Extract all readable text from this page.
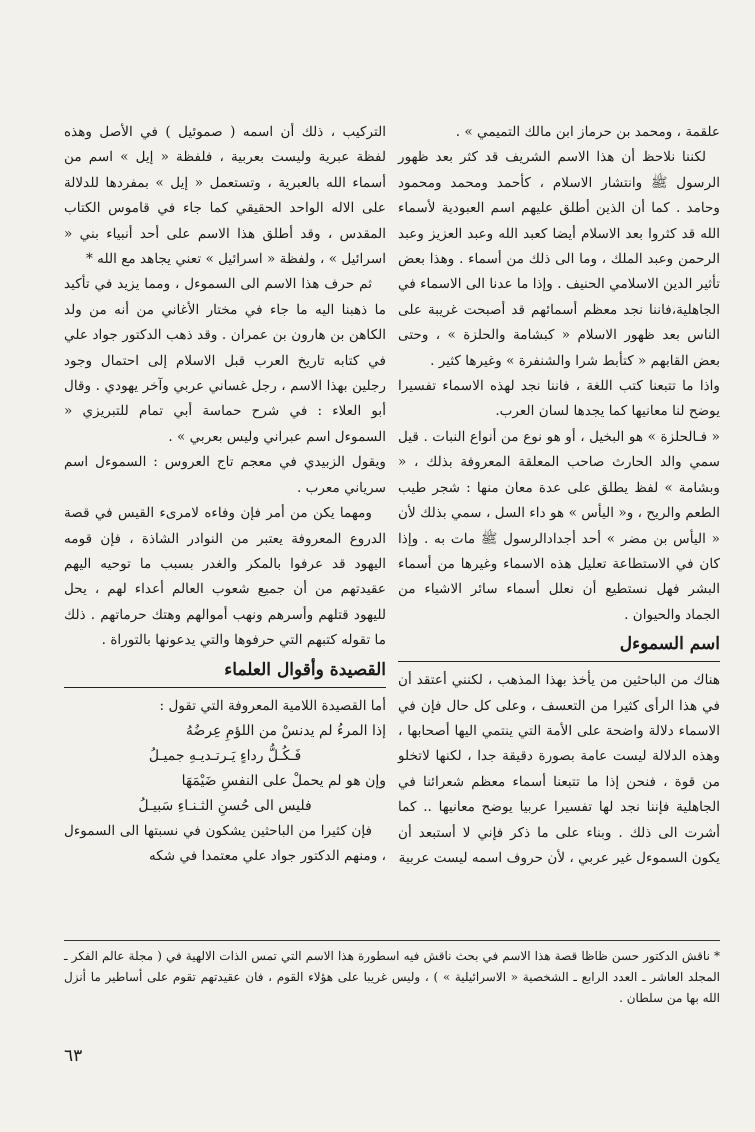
علقمة ، ومحمد بن حرماز ابن مالك التميمي » .

لكننا نلاحظ أن هذا الاسم الشريف قد كثر بعد ظهور الرسول ﷺ وانتشار الاسلام ، كأحمد ومحمد ومحمود وحامد . كما أن الذين أطلق عليهم اسم العبودية لأسماء الله قد كثروا بعد الاسلام أيضا كعبد الله وعبد العزيز وعبد الرحمن وعبد الملك ، وما الى ذلك من أسماء . وهذا بعض تأثير الدين الاسلامي الحنيف . وإذا ما عدنا الى الاسماء في الجاهلية،فاننا نجد معظم أسمائهم قد أصبحت غريبة على الناس بعد ظهور الاسلام « كبشامة والحلزة » ، وحتى بعض القابهم « كتأبط شرا والشنفرة » وغيرها كثير .

واذا ما تتبعنا كتب اللغة ، فاننا نجد لهذه الاسماء تفسيرا يوضح لنا معانيها كما يجدها لسان العرب.

« فـالحلزة » هو البخيل ، أو هو نوع من أنواع النبات . قيل سمي والد الحارث صاحب المعلقة المعروفة بذلك ، « وبشامة » لفظ يطلق على عدة معان منها : شجر طيب الطعم والريح ، و« اليأس » هو داء السل ، سمي بذلك لأن « اليأس بن مضر » أحد أجدادالرسول ﷺ مات به . وإذا كان في الاستطاعة تعليل هذه الاسماء وغيرها من أسماء البشر فهل نستطيع أن نعلل أسماء سائر الاشياء من الجماد والحيوان .

اسم السموءل

هناك من الباحثين من يأخذ بهذا المذهب ، لكنني أعتقد أن في هذا الرأى كثيرا من التعسف ، وعلى كل حال فإن في الاسماء دلالة واضحة على الأمة التي ينتمي اليها أصحابها ، وهذه الدلالة ليست عامة بصورة دقيقة جدا ، لكنها لاتخلو من قوة ، فنحن إذا ما تتبعنا أسماء معظم شعرائنا في الجاهلية فإننا نجد لها تفسيرا عربيا يوضح معانيها .. كما أشرت الى ذلك . وبناء على ما ذكر فإني لا أستبعد أن يكون السموءل غير عربي ، لأن حروف اسمه ليست عربية

التركيب ، ذلك أن اسمه ( صموئيل ) في الأصل وهذه لفظة عبرية وليست بعربية ، فلفظة « إيل » اسم من أسماء الله بالعبرية ، وتستعمل « إيل » بمفردها للدلالة على الاله الواحد الحقيقي كما جاء في قاموس الكتاب المقدس ، وقد أطلق هذا الاسم على أحد أنبياء بني « اسرائيل » ، ولفظة « اسرائيل » تعني يجاهد مع الله *

ثم حرف هذا الاسم الى السموءل ، ومما يزيد في تأكيد ما ذهبنا اليه ما جاء في مختار الأغاني من أنه من ولد الكاهن بن هارون بن عمران . وقد ذهب الدكتور جواد علي في كتابه تاريخ العرب قبل الاسلام إلى احتمال وجود رجلين بهذا الاسم ، رجل غساني عربي وآخر يهودي . وقال أبو العلاء : في شرح حماسة أبي تمام للتبريزي « السموءل اسم عبراني وليس بعربي » .

ويقول الزبيدي في معجم تاج العروس : السموءل اسم سرياني معرب .

ومهما يكن من أمر فإن وفاءه لامرىء القيس في قصة الدروع المعروفة يعتبر من النوادر الشاذة ، فإن قومه اليهود قد عرفوا بالمكر والغدر بسبب ما توحيه اليهم عقيدتهم من أن جميع شعوب العالم أعداء لهم ، يحل لليهود قتلهم وأسرهم ونهب أموالهم وهتك حرماتهم . ذلك ما تقوله كتبهم التي حرفوها والتي يدعونها بالتوراة .

القصيدة وأقوال العلماء

أما القصيدة اللامية المعروفة التي تقول :

إذا المرءُ لم يدنسْ من اللؤمِ عِرضُهُ
فَـكُـلُّ رداءٍ يَـرتـديـهِ جميـلُ
وإن هو لم يحملْ على النفسِ ضَيْمَهَا
فليس الى حُسنِ الثـنـاءِ سَبيـلُ

فإن كثيرا من الباحثين يشكون في نسبتها الى السموءل ، ومنهم الدكتور جواد علي معتمدا في شكه

* ناقش الدكتور حسن ظاظا قصة هذا الاسم في بحث ناقش فيه اسطورة هذا الاسم التي تمس الذات الالهية في ( مجلة عالم الفكر ـ المجلد العاشر ـ العدد الرابع ـ الشخصية « الاسرائيلية » ) ، وليس غريبا على هؤلاء القوم ، فان عقيدتهم تقوم على أساطير ما أنزل الله بها من سلطان .
٦٣
